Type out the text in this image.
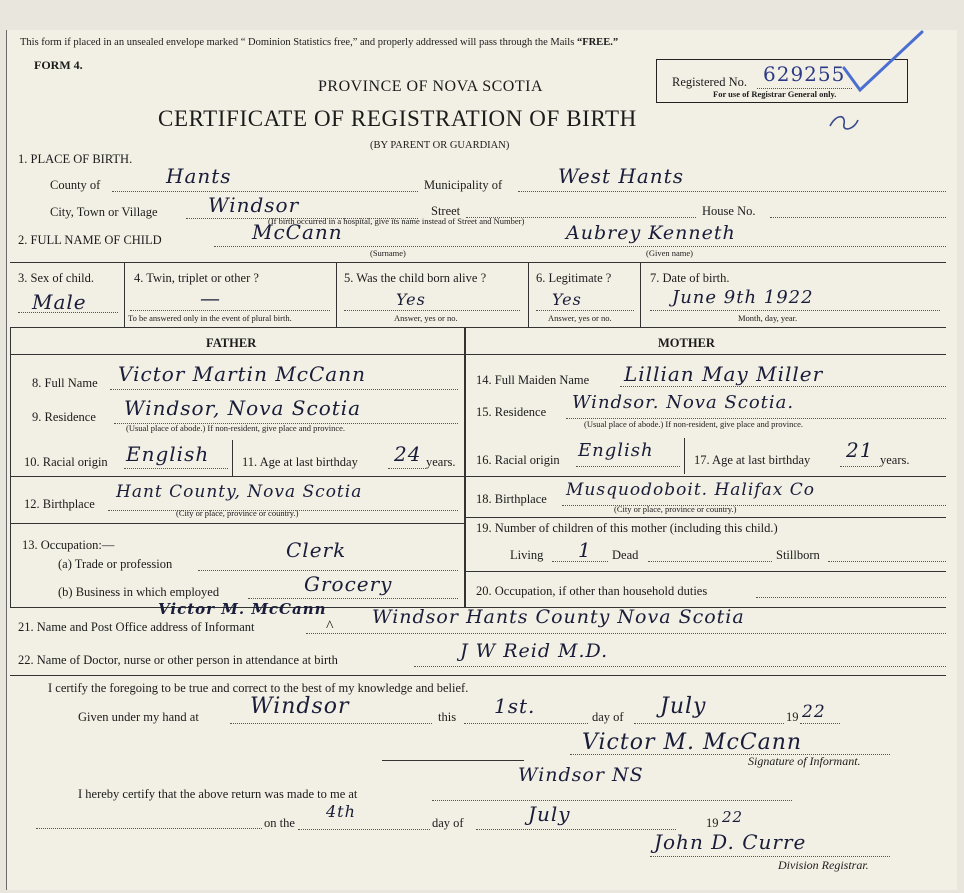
This form if placed in an unsealed envelope marked “ Dominion Statistics free,” and properly addressed will pass through the Mails “FREE.”
FORM 4.
Registered No. 629255
For use of Registrar General only.
PROVINCE OF NOVA SCOTIA
CERTIFICATE OF REGISTRATION OF BIRTH
(BY PARENT OR GUARDIAN)
1. PLACE OF BIRTH.
County of	Hants	Municipality of	West Hants
City, Town or Village	Windsor	Street
(If birth occurred in a hospital, give its name instead of Street and Number)
House No.
2. FULL NAME OF CHILD	McCann	Aubrey Kenneth
(Surname)	(Given name)
3. Sex of child.
Male
4. Twin, triplet or other ?
—
To be answered only in the event of plural birth.
5. Was the child born alive ?
Yes
Answer, yes or no.
6. Legitimate ?
Yes
Answer, yes or no.
7. Date of birth.
June 9th 1922
Month, day, year.
FATHER	MOTHER
8. Full Name Victor Martin McCann
9. Residence Windsor, Nova Scotia
(Usual place of abode.) If non-resident, give place and province.
10. Racial origin English	11. Age at last birthday 24 years.
12. Birthplace
Hant County, Nova Scotia
(City or place, province or country.)
13. Occupation:—
(a) Trade or profession
Clerk
(b) Business in which employed	Grocery
14. Full Maiden Name Lillian May Miller
15. Residence Windsor. Nova Scotia.
(Usual place of abode.) If non-resident, give place and province.
16. Racial origin English	17. Age at last birthday 21 years.
18. Birthplace Musquodoboit. Halifax Co
(City or place, province or country.)
19. Number of children of this mother (including this child.)
Living 1 Dead	Stillborn
20. Occupation, if other than household duties
21. Name and Post Office address of Informant
Victor M. McCann Windsor Hants County Nova Scotia
^
22. Name of Doctor, nurse or other person in attendance at birth	J W Reid M.D.
I certify the foregoing to be true and correct to the best of my knowledge and belief.
Given under my hand at Windsor	this 1st.	day of July	19 22
Victor M. McCann
Signature of Informant.
I hereby certify that the above return was made to me at
Windsor NS
on the
4th
day of	July	19 22
John D. Curre
Division Registrar.
